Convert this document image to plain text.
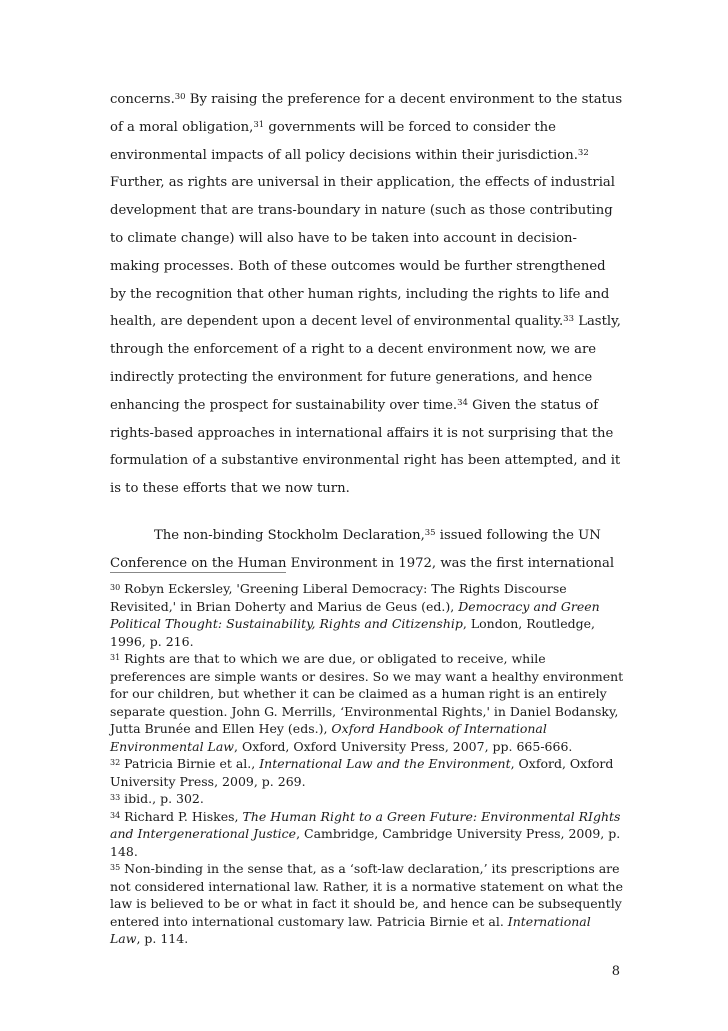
concerns.$^{30}$ By raising the preference for a decent environment to the status of a moral obligation,$^{31}$ governments will be forced to consider the environmental impacts of all policy decisions within their jurisdiction.$^{32}$ Further, as rights are universal in their application, the effects of industrial development that are trans-boundary in nature (such as those contributing to climate change) will also have to be taken into account in decision-making processes. Both of these outcomes would be further strengthened by the recognition that other human rights, including the rights to life and health, are dependent upon a decent level of environmental quality.$^{33}$ Lastly, through the enforcement of a right to a decent environment now, we are indirectly protecting the environment for future generations, and hence enhancing the prospect for sustainability over time.$^{34}$ Given the status of rights-based approaches in international affairs it is not surprising that the formulation of a substantive environmental right has been attempted, and it is to these efforts that we now turn.

The non-binding Stockholm Declaration,$^{35}$ issued following the UN Conference on the Human Environment in 1972, was the first international

$^{30}$ Robyn Eckersley, 'Greening Liberal Democracy: The Rights Discourse Revisited,' in Brian Doherty and Marius de Geus (ed.), Democracy and Green Political Thought: Sustainability, Rights and Citizenship, London, Routledge, 1996, p. 216.

$^{31}$ Rights are that to which we are due, or obligated to receive, while preferences are simple wants or desires. So we may want a healthy environment for our children, but whether it can be claimed as a human right is an entirely separate question. John G. Merrills, ‘Environmental Rights,' in Daniel Bodansky, Jutta Brunée and Ellen Hey (eds.), Oxford Handbook of International Environmental Law, Oxford, Oxford University Press, 2007, pp. 665-666.

$^{32}$ Patricia Birnie et al., International Law and the Environment, Oxford, Oxford University Press, 2009, p. 269.

$^{33}$ ibid., p. 302.

$^{34}$ Richard P. Hiskes, The Human Right to a Green Future: Environmental RIghts and Intergenerational Justice, Cambridge, Cambridge University Press, 2009, p. 148.

$^{35}$ Non-binding in the sense that, as a ‘soft-law declaration,’ its prescriptions are not considered international law. Rather, it is a normative statement on what the law is believed to be or what in fact it should be, and hence can be subsequently entered into international customary law. Patricia Birnie et al. International Law, p. 114.

8
